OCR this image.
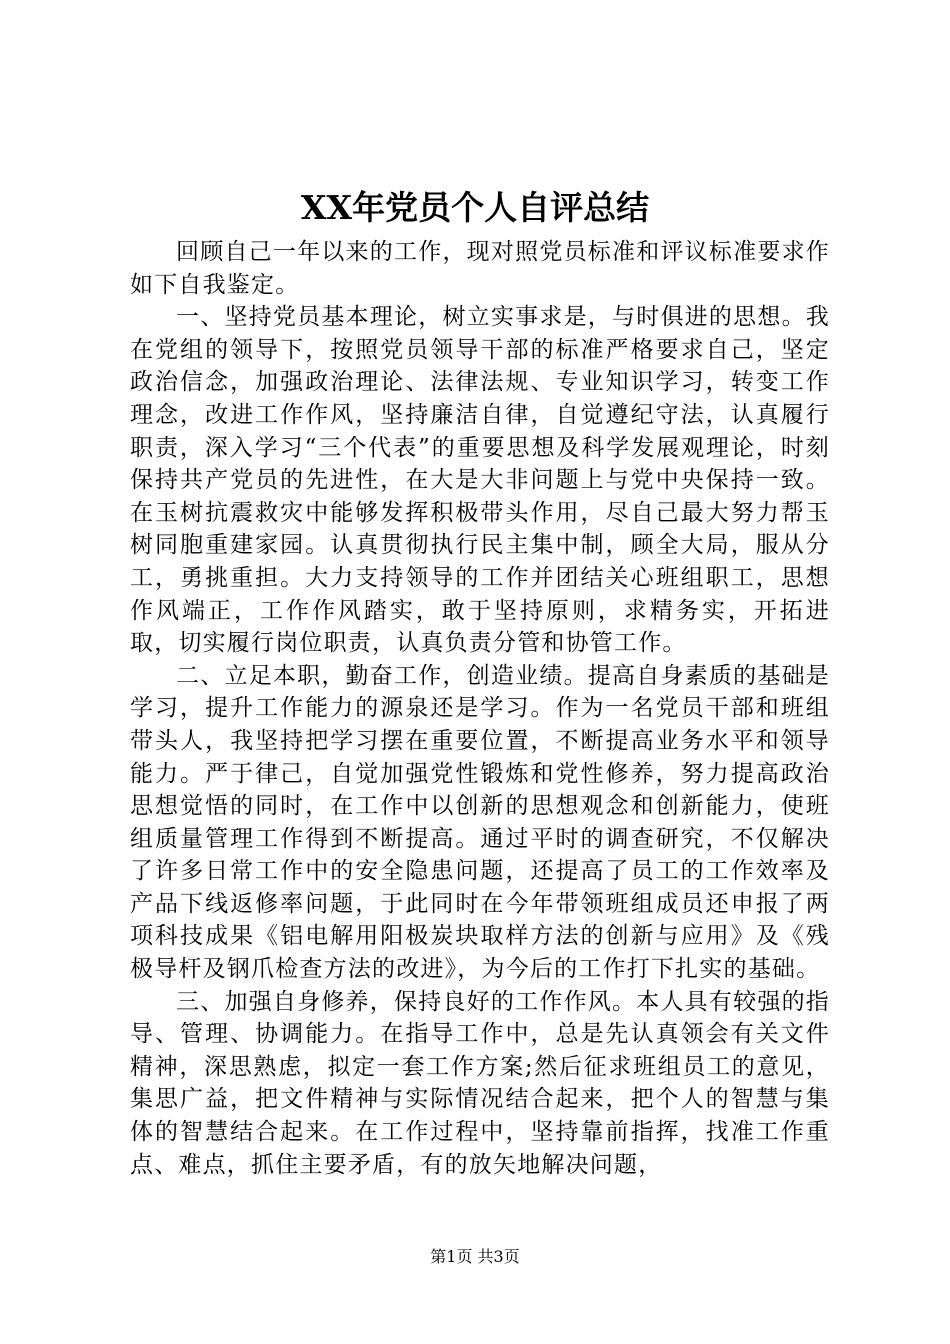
XX年党员个人自评总结

回顾自己一年以来的工作，现对照党员标准和评议标准要求作如下自我鉴定。

一、坚持党员基本理论，树立实事求是，与时俱进的思想。我在党组的领导下，按照党员领导干部的标准严格要求自己，坚定政治信念，加强政治理论、法律法规、专业知识学习，转变工作理念，改进工作作风，坚持廉洁自律，自觉遵纪守法，认真履行职责，深入学习“三个代表”的重要思想及科学发展观理论，时刻保持共产党员的先进性，在大是大非问题上与党中央保持一致。在玉树抗震救灾中能够发挥积极带头作用，尽自己最大努力帮玉树同胞重建家园。认真贯彻执行民主集中制，顾全大局，服从分工，勇挑重担。大力支持领导的工作并团结关心班组职工，思想作风端正，工作作风踏实，敢于坚持原则，求精务实，开拓进取，切实履行岗位职责，认真负责分管和协管工作。

二、立足本职，勤奋工作，创造业绩。提高自身素质的基础是学习，提升工作能力的源泉还是学习。作为一名党员干部和班组带头人，我坚持把学习摆在重要位置，不断提高业务水平和领导能力。严于律己，自觉加强党性锻炼和党性修养，努力提高政治思想觉悟的同时，在工作中以创新的思想观念和创新能力，使班组质量管理工作得到不断提高。通过平时的调查研究，不仅解决了许多日常工作中的安全隐患问题，还提高了员工的工作效率及产品下线返修率问题，于此同时在今年带领班组成员还申报了两项科技成果《铝电解用阳极炭块取样方法的创新与应用》及《残极导杆及钢爪检查方法的改进》，为今后的工作打下扎实的基础。

三、加强自身修养，保持良好的工作作风。本人具有较强的指导、管理、协调能力。在指导工作中，总是先认真领会有关文件精神，深思熟虑，拟定一套工作方案;然后征求班组员工的意见，集思广益，把文件精神与实际情况结合起来，把个人的智慧与集体的智慧结合起来。在工作过程中，坚持靠前指挥，找准工作重点、难点，抓住主要矛盾，有的放矢地解决问题，

第1页 共3页
